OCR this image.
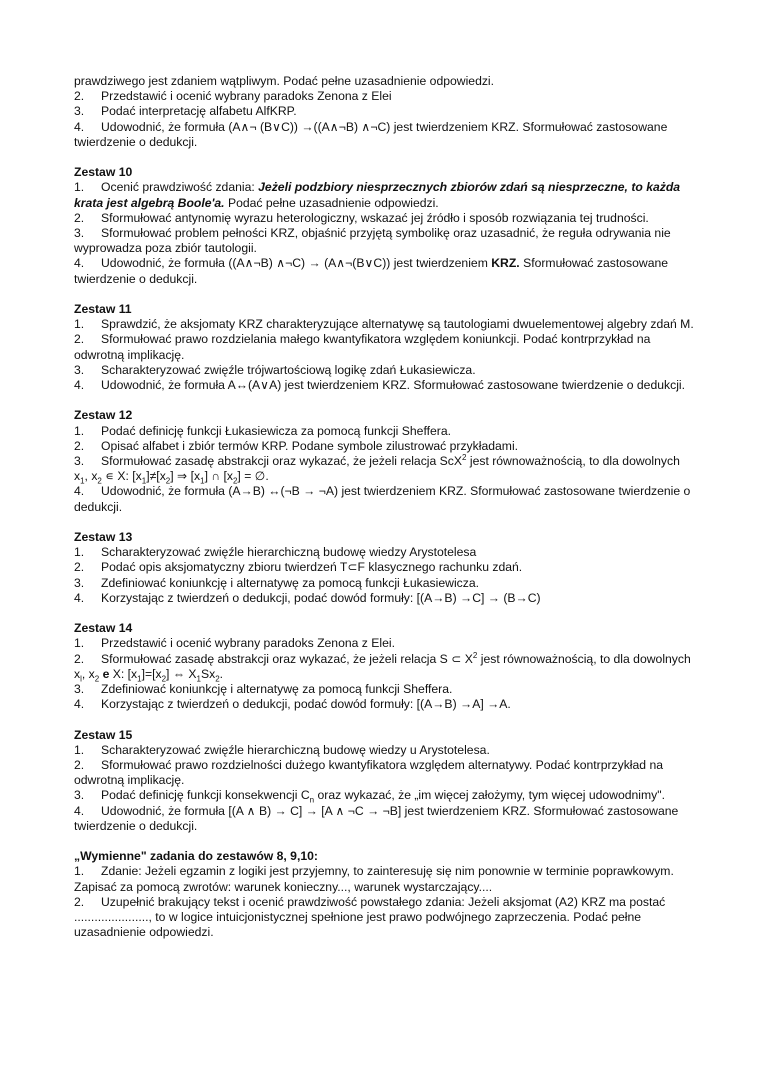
prawdziwego jest zdaniem wątpliwym. Podać pełne uzasadnienie odpowiedzi.

2. Przedstawić i ocenić wybrany paradoks Zenona z Elei

3. Podać interpretację alfabetu AlfKRP.

4. Udowodnić, że formuła (A∧¬ (B∨C)) →((A∧¬B) ∧¬C) jest twierdzeniem KRZ. Sformułować zastosowane twierdzenie o dedukcji.

Zestaw 10

1. Ocenić prawdziwość zdania: Jeżeli podzbiory niesprzecznych zbiorów zdań są niesprzeczne, to każda krata jest algebrą Boole'a. Podać pełne uzasadnienie odpowiedzi.

2. Sformułować antynomię wyrazu heterologiczny, wskazać jej źródło i sposób rozwiązania tej trudności.

3. Sformułować problem pełności KRZ, objaśnić przyjętą symbolikę oraz uzasadnić, że reguła odrywania nie wyprowadza poza zbiór tautologii.

4. Udowodnić, że formuła ((A∧¬B) ∧¬C) → (A∧¬(B∨C)) jest twierdzeniem KRZ. Sformułować zastosowane twierdzenie o dedukcji.

Zestaw 11

1. Sprawdzić, że aksjomaty KRZ charakteryzujące alternatywę są tautologiami dwuelementowej algebry zdań M.

2. Sformułować prawo rozdzielania małego kwantyfikatora względem koniunkcji. Podać kontrprzykład na odwrotną implikację.

3. Scharakteryzować zwięźle trójwartościową logikę zdań Łukasiewicza.

4. Udowodnić, że formuła A↔(A∨A) jest twierdzeniem KRZ. Sformułować zastosowane twierdzenie o dedukcji.

Zestaw 12

1. Podać definicję funkcji Łukasiewicza za pomocą funkcji Sheffera.

2. Opisać alfabet i zbiór termów KRP. Podane symbole zilustrować przykładami.

3. Sformułować zasadę abstrakcji oraz wykazać, że jeżeli relacja ScX$^2$ jest równoważnością, to dla dowolnych $x_1$, $x_2$ ∊ X: $[x_1]\ne[x_2]$ ⇒ $[x_1]$ ∩ $[x_2]$ = ∅.

4. Udowodnić, że formuła (A→B) ↔(¬B → ¬A) jest twierdzeniem KRZ. Sformułować zastosowane twierdzenie o dedukcji.

Zestaw 13

1. Scharakteryzować zwięźle hierarchiczną budowę wiedzy Arystotelesa

2. Podać opis aksjomatyczny zbioru twierdzeń T⊂F klasycznego rachunku zdań.

3. Zdefiniować koniunkcję i alternatywę za pomocą funkcji Łukasiewicza.

4. Korzystając z twierdzeń o dedukcji, podać dowód formuły: [(A→B) →C] → (B→C)

Zestaw 14

1. Przedstawić i ocenić wybrany paradoks Zenona z Elei.

2. Sformułować zasadę abstrakcji oraz wykazać, że jeżeli relacja S ⊂ $X^2$ jest równoważnością, to dla dowolnych $x_l$, $x_2$ e X: $[x_1]=[x_2]$ ⇔ $X_1Sx_2$.

3. Zdefiniować koniunkcję i alternatywę za pomocą funkcji Sheffera.

4. Korzystając z twierdzeń o dedukcji, podać dowód formuły: [(A→B) →A] →A.

Zestaw 15

1. Scharakteryzować zwięźle hierarchiczną budowę wiedzy u Arystotelesa.

2. Sformułować prawo rozdzielności dużego kwantyfikatora względem alternatywy. Podać kontrprzykład na odwrotną implikację.

3. Podać definicję funkcji konsekwencji $C_n$ oraz wykazać, że „im więcej założymy, tym więcej udowodnimy".

4. Udowodnić, że formuła [(A ∧ B) → C] → [A ∧ ¬C → ¬B] jest twierdzeniem KRZ. Sformułować zastosowane twierdzenie o dedukcji.

„Wymienne" zadania do zestawów 8, 9,10:

1. Zdanie: Jeżeli egzamin z logiki jest przyjemny, to zainteresuję się nim ponownie w terminie poprawkowym. Zapisać za pomocą zwrotów: warunek konieczny..., warunek wystarczający....

2. Uzupełnić brakujący tekst i ocenić prawdziwość powstałego zdania: Jeżeli aksjomat (A2) KRZ ma postać

......................, to w logice intuicjonistycznej spełnione jest prawo podwójnego zaprzeczenia. Podać pełne uzasadnienie odpowiedzi.
